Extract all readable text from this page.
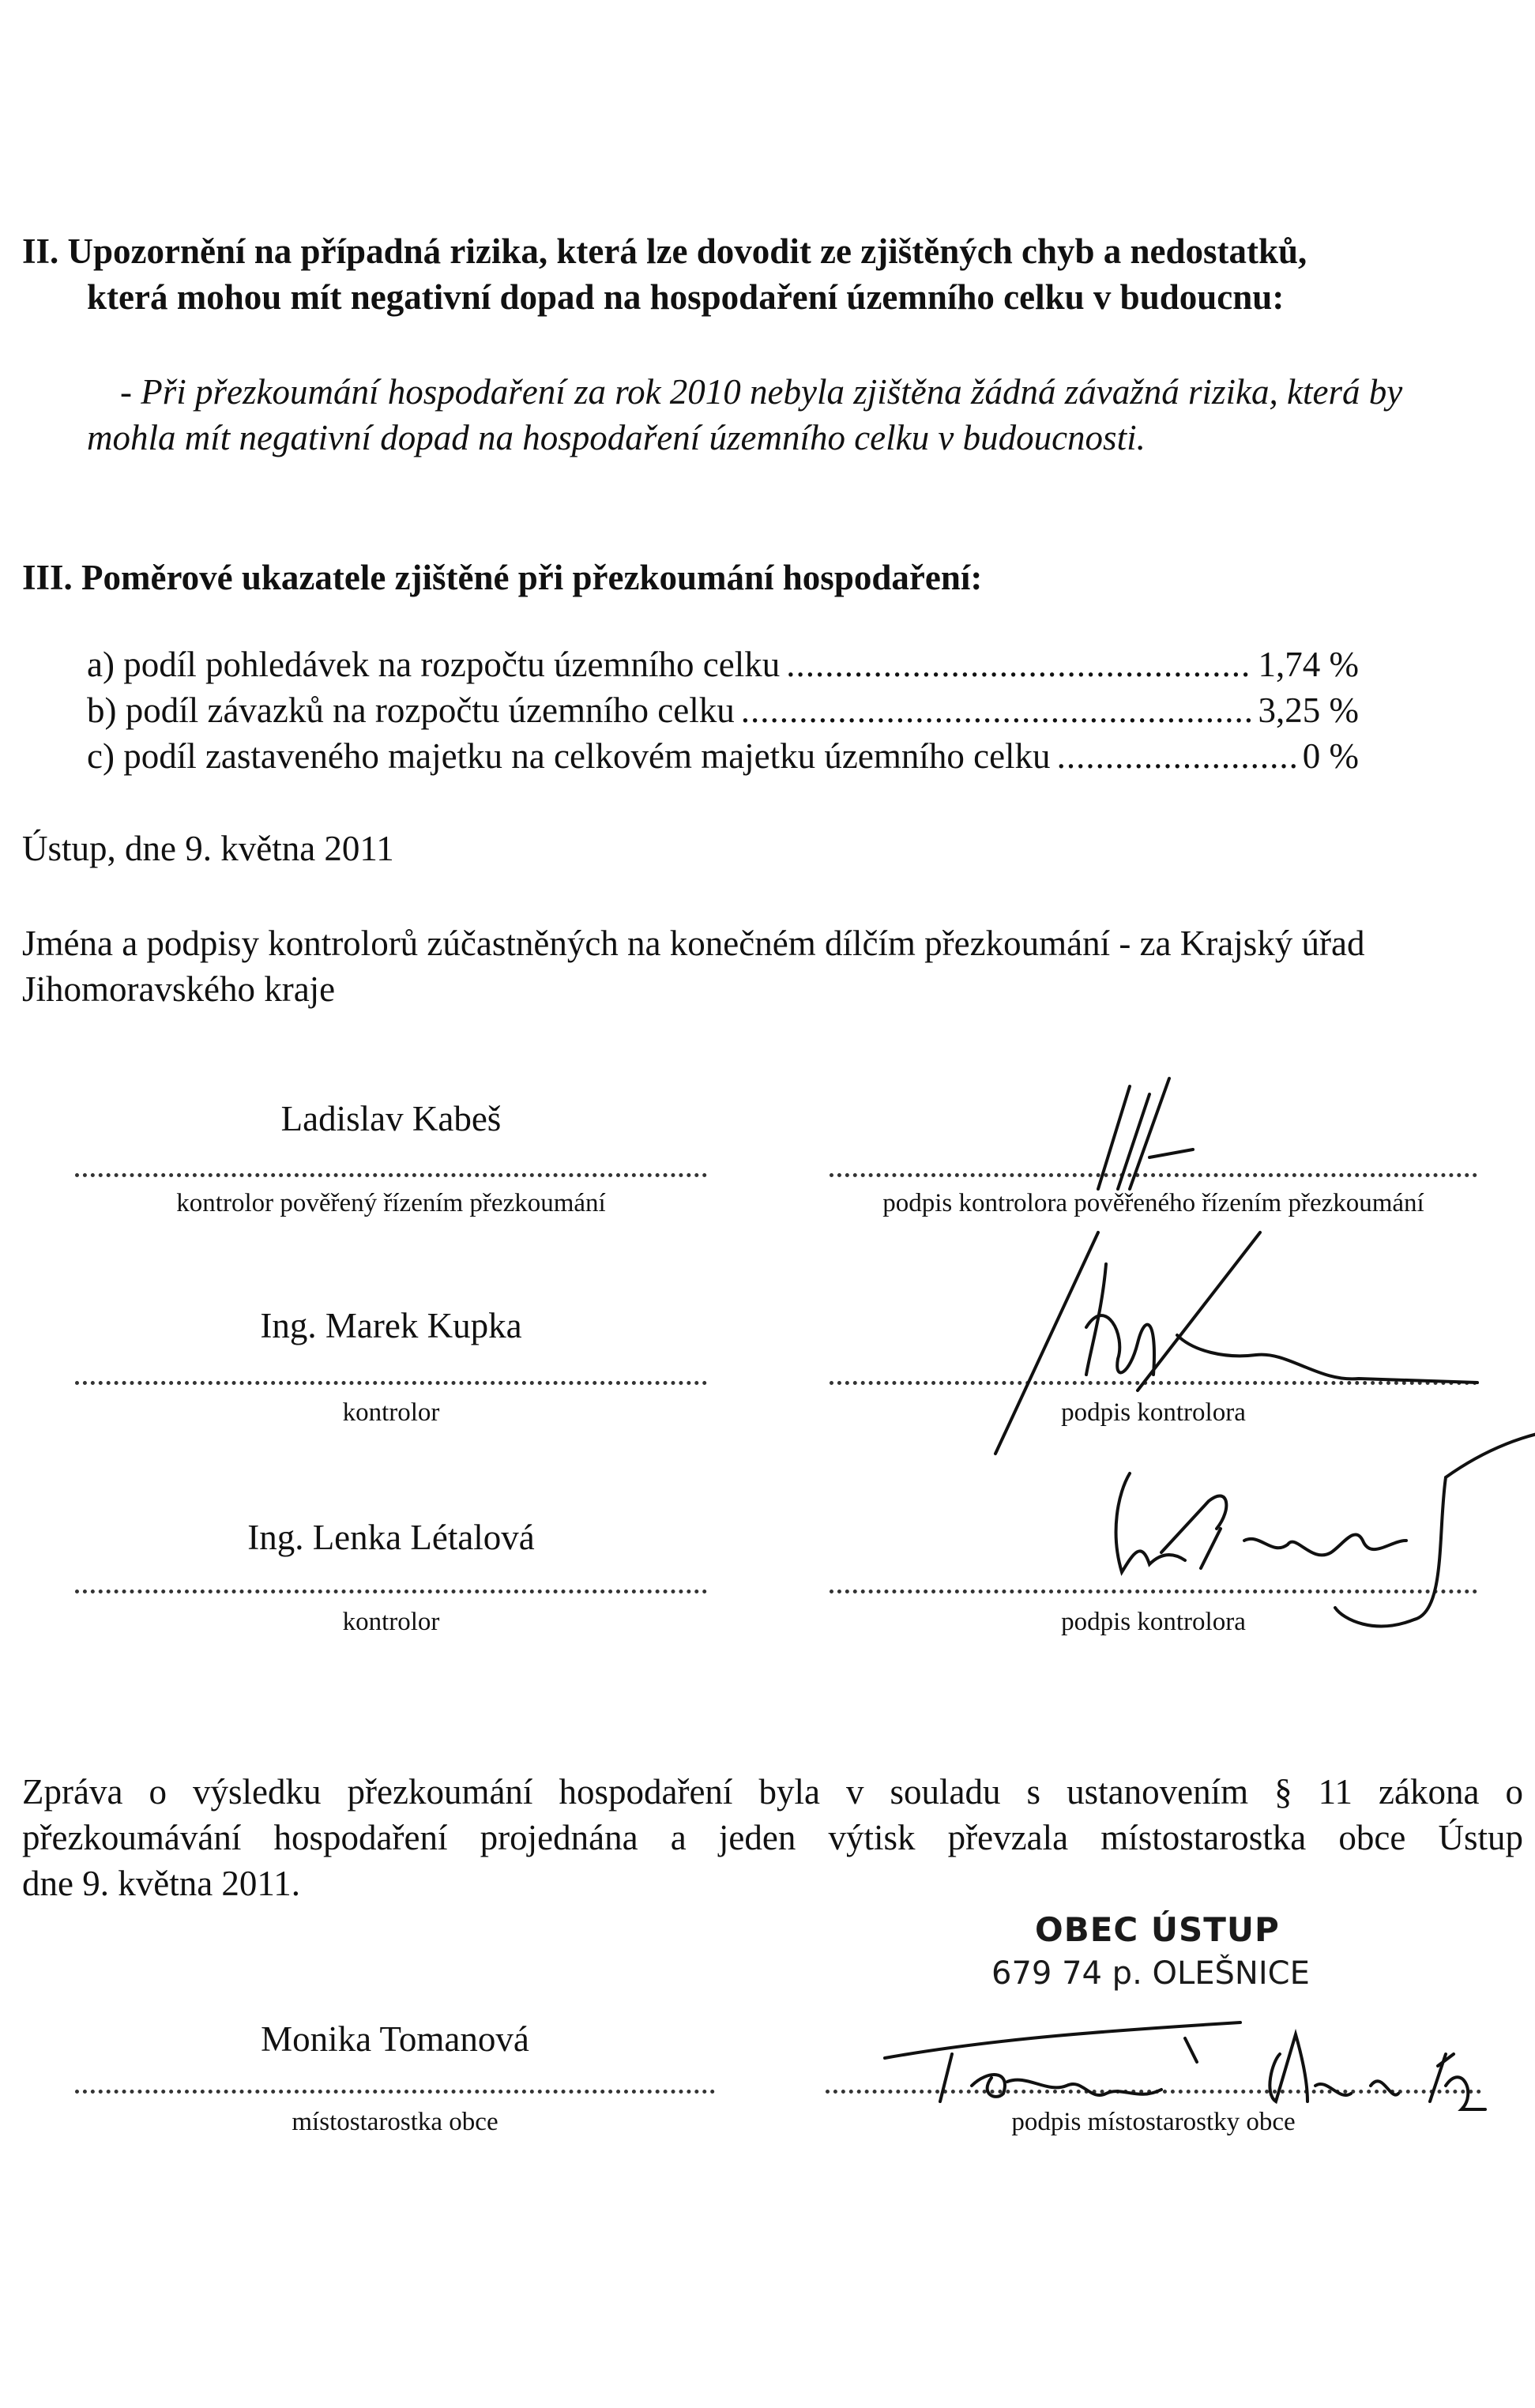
II. Upozornění na případná rizika, která lze dovodit ze zjištěných chyb a nedostatků,
která mohou mít negativní dopad na hospodaření územního celku v budoucnu:
- Při přezkoumání hospodaření za rok 2010 nebyla zjištěna žádná závažná rizika, která by
mohla mít negativní dopad na hospodaření územního celku v budoucnosti.
III. Poměrové ukazatele zjištěné při přezkoumání hospodaření:
a) podíl pohledávek na rozpočtu územního celku .....	1,74 %
b) podíl závazků na rozpočtu územního celku .....	3,25 %
c) podíl zastaveného majetku na celkovém majetku územního celku .....	0 %
Ústup, dne 9. května 2011
Jména a podpisy kontrolorů zúčastněných na konečném dílčím přezkoumání - za Krajský úřad
Jihomoravského kraje
Ladislav Kabeš
kontrolor pověřený řízením přezkoumání	podpis kontrolora pověřeného řízením přezkoumání
Ing. Marek Kupka
kontrolor	podpis kontrolora
Ing. Lenka Létalová
kontrolor	podpis kontrolora
Zpráva o výsledku přezkoumání hospodaření byla v souladu s ustanovením § 11 zákona o
přezkoumávání hospodaření projednána a jeden výtisk převzala místostarostka obce Ústup
dne 9. května 2011.
OBEC ÚSTUP
679 74 p. OLEŠNICE
Monika Tomanová
místostarostka obce	podpis místostarostky obce
